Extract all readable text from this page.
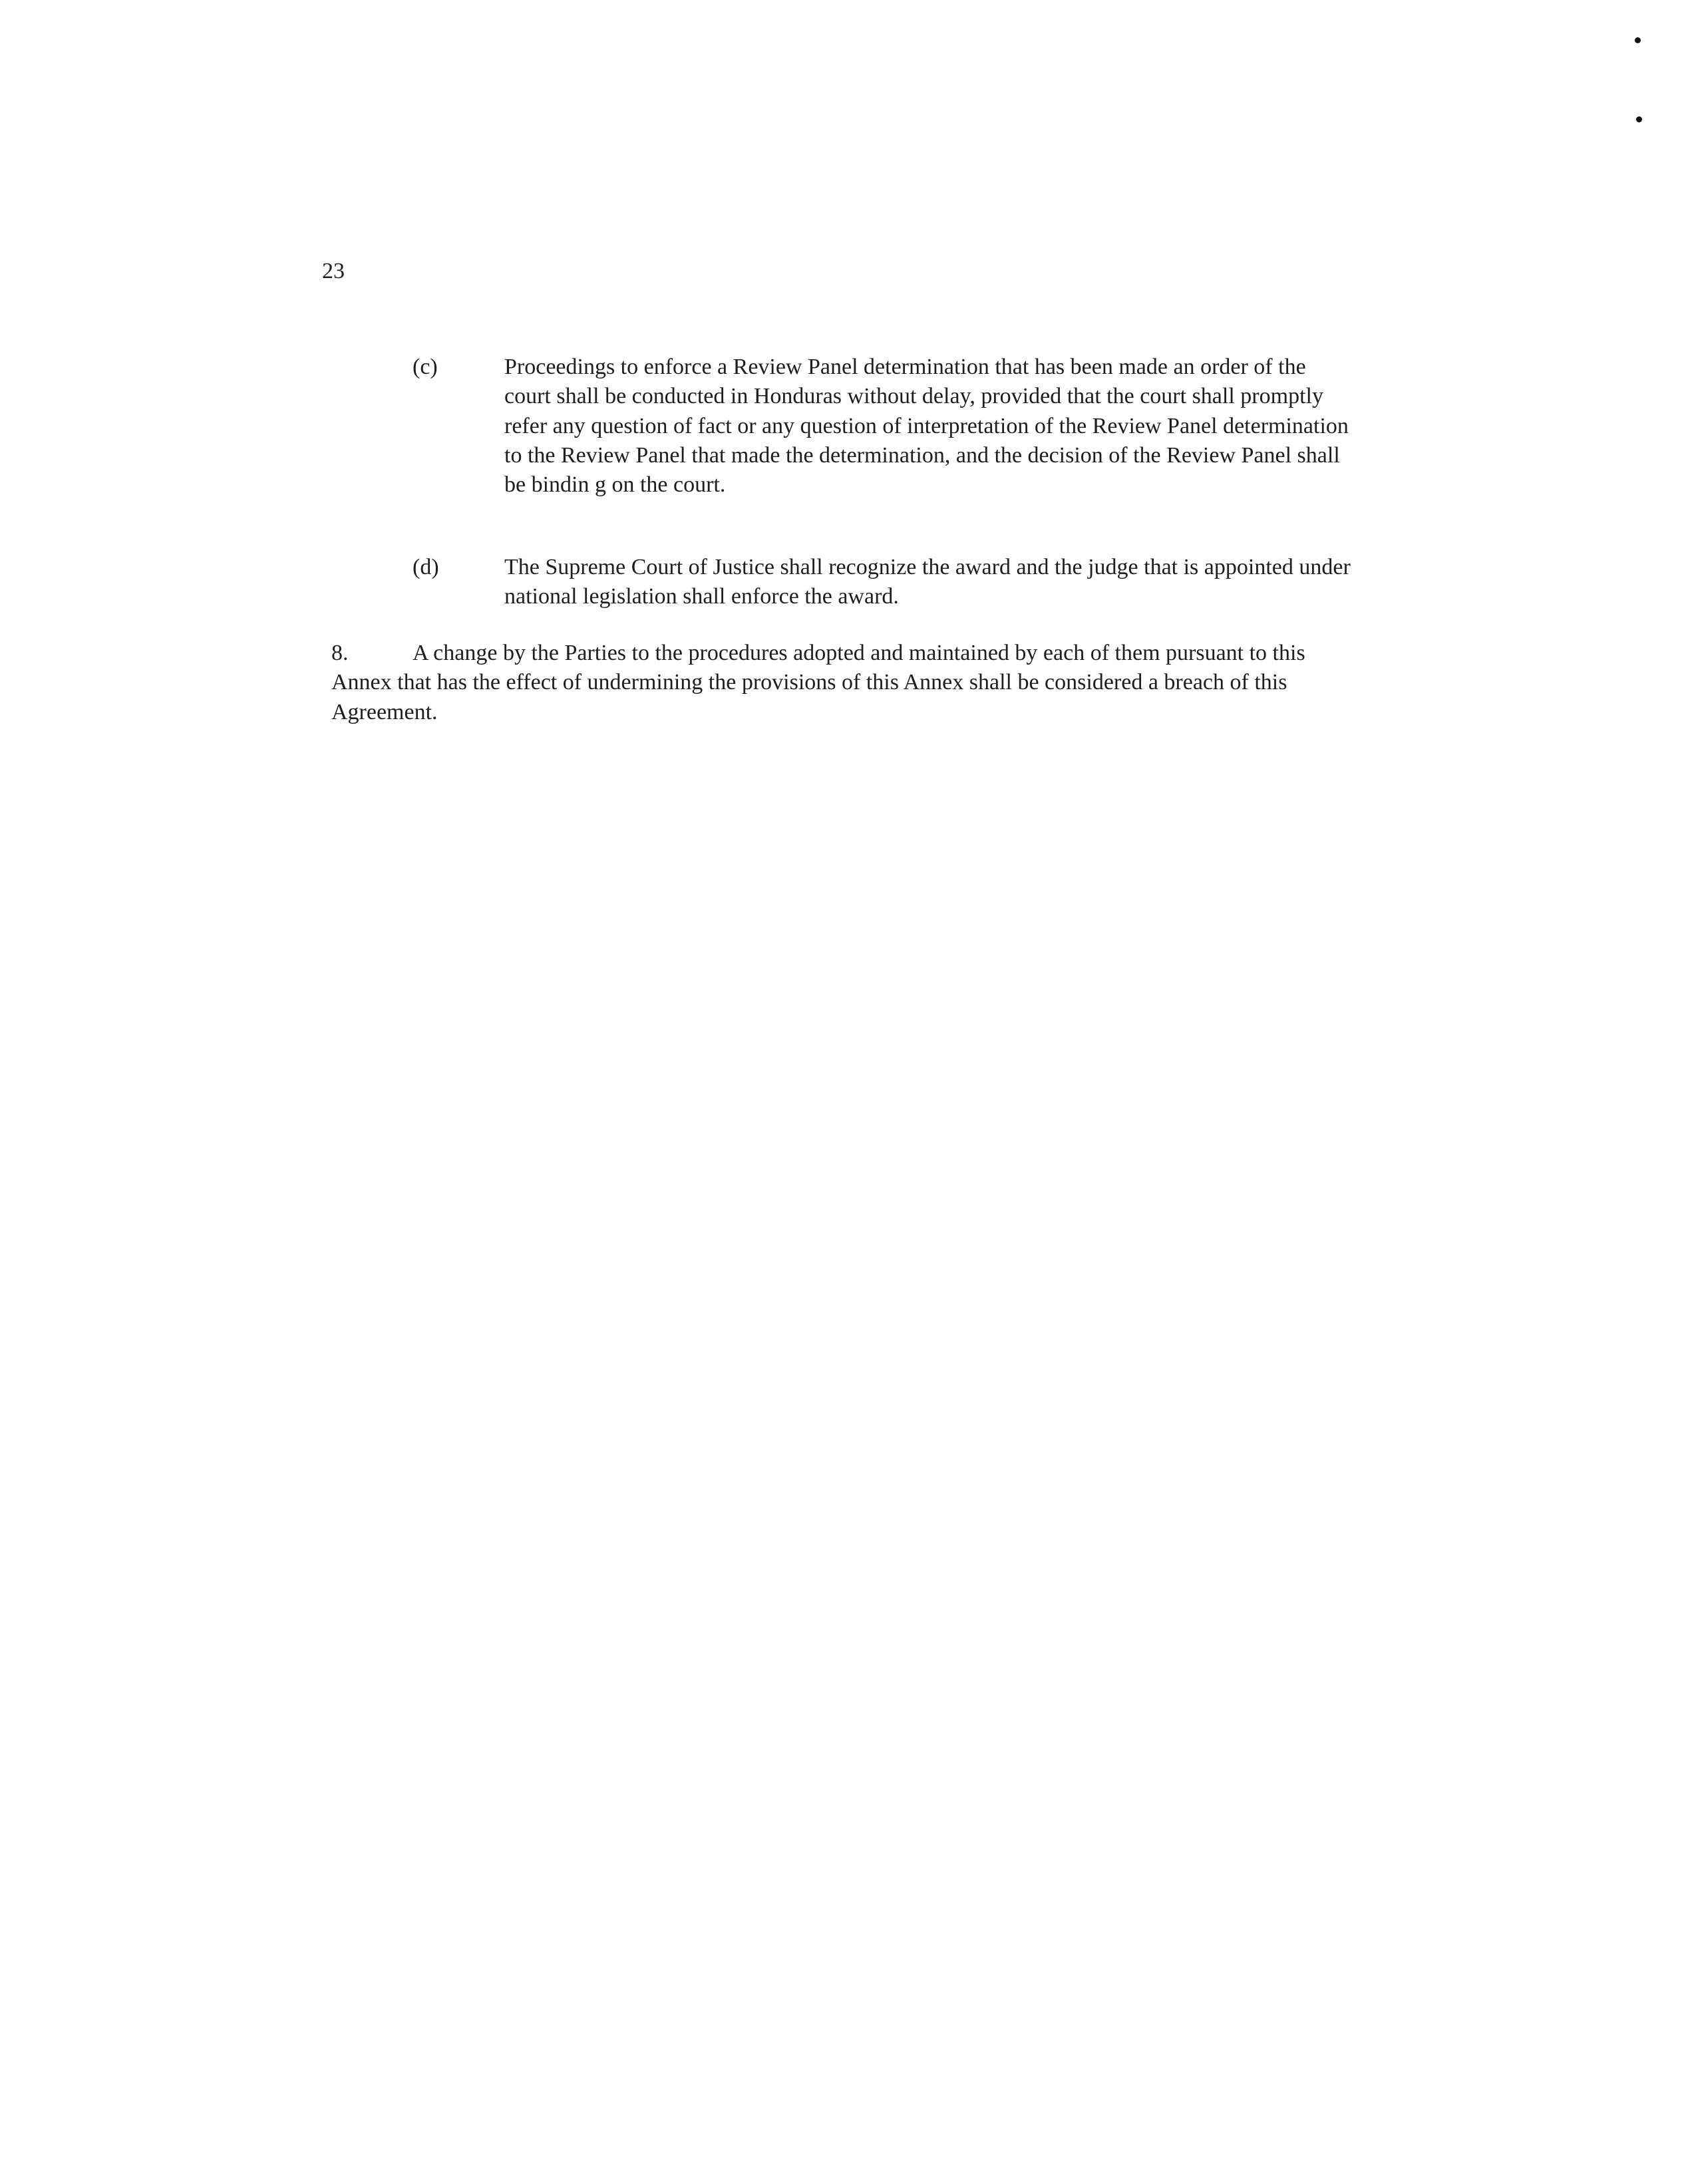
23
(c)	Proceedings to enforce a Review Panel determination that has been made an order of the court shall be conducted in Honduras without delay, provided that the court shall promptly refer any question of fact or any question of interpretation of the Review Panel determination to the Review Panel that made the determination, and the decision of the Review Panel shall be bindin g on the court.
(d)	The Supreme Court of Justice shall recognize the award and the judge that is appointed under national legislation shall enforce the award.
8.	A change by the Parties to the procedures adopted and maintained by each of them pursuant to this Annex that has the effect of undermining the provisions of this Annex shall be considered a breach of this Agreement.
